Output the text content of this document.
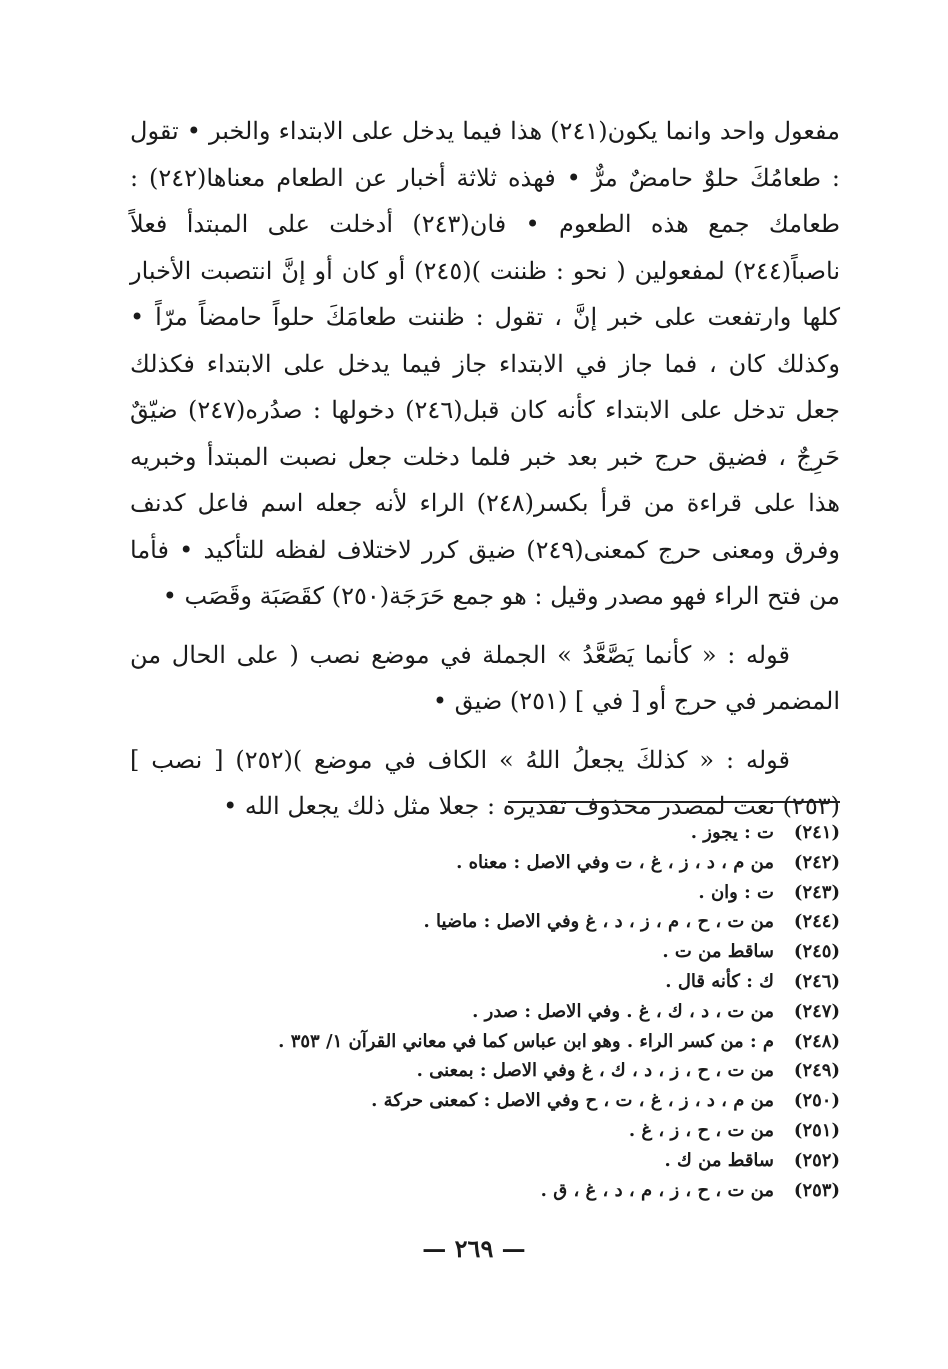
مفعول واحد وانما يكون(٢٤١) هذا فيما يدخل على الابتداء والخبر • تقول : طعامُكَ حلوٌ حامضٌ مرٌّ • فهذه ثلاثة أخبار عن الطعام معناها(٢٤٢) : طعامك جمع هذه الطعوم • فان(٢٤٣) أدخلت على المبتدأ فعلاً ناصباً(٢٤٤) لمفعولين ( نحو : ظننت )(٢٤٥) أو كان أو إنَّ انتصبت الأخبار كلها وارتفعت على خبر إنَّ ، تقول : ظننت طعامَكَ حلواً حامضاً مرّاً • وكذلك كان ، فما جاز في الابتداء جاز فيما يدخل على الابتداء فكذلك جعل تدخل على الابتداء كأنه كان قبل(٢٤٦) دخولها : صدُره(٢٤٧) ضيّقٌ حَرِجٌ ، فضيق حرج خبر بعد خبر فلما دخلت جعل نصبت المبتدأ وخبريه هذا على قراءة من قرأ بكسر(٢٤٨) الراء لأنه جعله اسم فاعل كدنف وفرق ومعنى حرج كمعنى(٢٤٩) ضيق كرر لاختلاف لفظه للتأكيد • فأما من فتح الراء فهو مصدر وقيل : هو جمع حَرَجَة(٢٥٠) كقَصَبَة وقَصَب •

قوله : « كأنما يَصَّعَّدُ » الجملة في موضع نصب ( على الحال من المضمر في حرج أو [ في ] (٢٥١) ضيق •

قوله : « كذلكَ يجعلُ اللهُ » الكاف في موضع )(٢٥٢) [ نصب ](٢٥٣) نعت لمصدر محذوف تقديره : جعلا مثل ذلك يجعل الله •

(٢٤١)ت : يجوز .
(٢٤٢)من م ، د ، ز ، غ ، ت وفي الاصل : معناه .
(٢٤٣)ت : وان .
(٢٤٤)من ت ، ح ، م ، ز ، د ، غ وفي الاصل : ماضيا .
(٢٤٥)ساقط من ت .
(٢٤٦)ك : كأنه قال .
(٢٤٧)من ت ، د ، ك ، غ . وفي الاصل : صدر .
(٢٤٨)م : من كسر الراء . وهو ابن عباس كما في معاني القرآن ١/ ٣٥٣ .
(٢٤٩)من ت ، ح ، ز ، د ، ك ، غ وفي الاصل : بمعنى .
(٢٥٠)من م ، د ، ز ، غ ، ت ، ح وفي الاصل : كمعنى حركة .
(٢٥١)من ت ، ح ، ز ، غ .
(٢٥٢)ساقط من ك .
(٢٥٣)من ت ، ح ، ز ، م ، د ، غ ، ق .
— ٢٦٩ —
